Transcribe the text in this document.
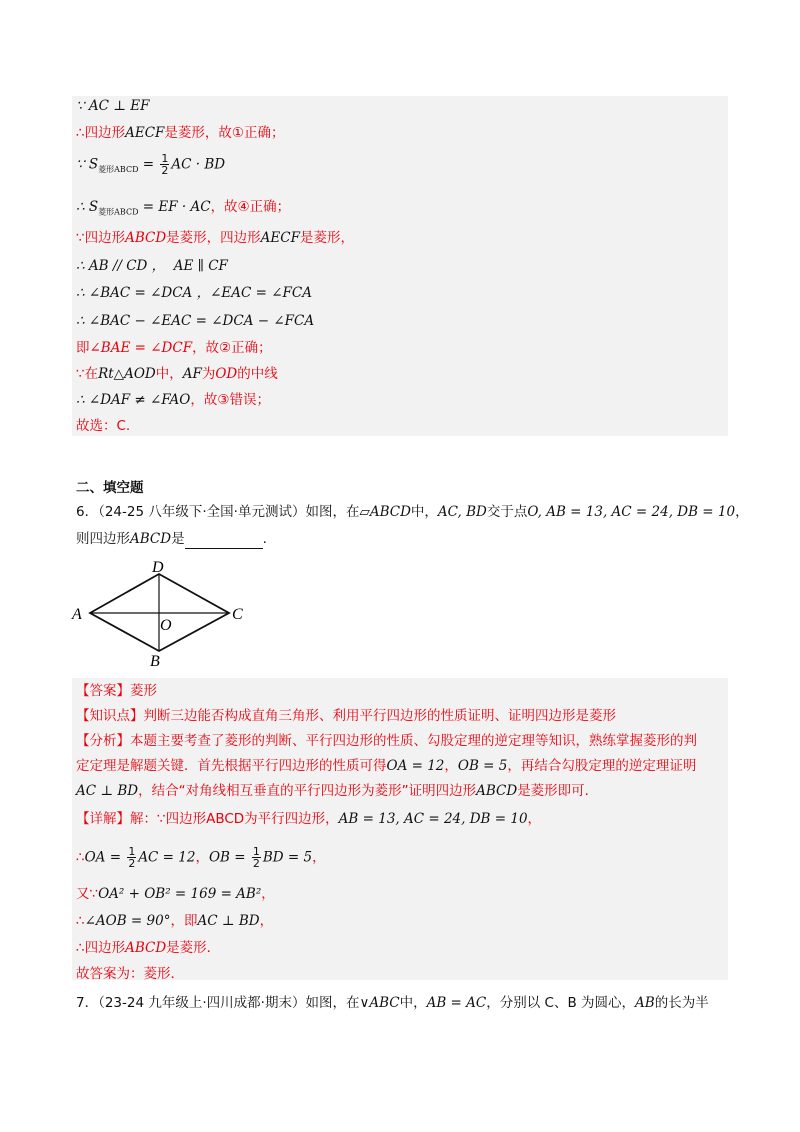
∵ AC ⊥ EF
∴四边形AECF是菱形，故①正确；
∵ $S_{菱形ABCD} = \frac{1}{2}$ AC · BD
∴ $S_{菱形ABCD}$ = EF · AC，故④正确；
∵四边形ABCD是菱形，四边形AECF是菱形，
∴ AB // CD ， AE ∥ CF
∴ ∠BAC = ∠DCA ，∠EAC = ∠FCA
∴ ∠BAC − ∠EAC = ∠DCA − ∠FCA
即∠BAE = ∠DCF，故②正确；
∵在Rt△AOD中，AF为OD的中线
∴ ∠DAF ≠ ∠FAO，故③错误；
故选：C.
二、填空题
6．（24-25 八年级下·全国·单元测试）如图，在▱ABCD中，AC, BD交于点O, AB = 13, AC = 24, DB = 10，
则四边形ABCD是	.
A
D
C
B
O
【答案】菱形
【知识点】判断三边能否构成直角三角形、利用平行四边形的性质证明、证明四边形是菱形
【分析】本题主要考查了菱形的判断、平行四边形的性质、勾股定理的逆定理等知识，熟练掌握菱形的判
定定理是解题关键．首先根据平行四边形的性质可得OA = 12，OB = 5，再结合勾股定理的逆定理证明
AC ⊥ BD，结合“对角线相互垂直的平行四边形为菱形”证明四边形ABCD是菱形即可．
【详解】解：∵四边形ABCD为平行四边形，AB = 13, AC = 24, DB = 10，
∴OA = $\frac{1}{2}$ AC = 12，OB = $\frac{1}{2}$ BD = 5，
又∵OA² + OB² = 169 = AB²，
∴∠AOB = 90°，即AC ⊥ BD，
∴四边形ABCD是菱形．
故答案为：菱形．
7．（23-24 九年级上·四川成都·期末）如图，在∨ABC中，AB = AC，分别以 C、B 为圆心，AB的长为半
